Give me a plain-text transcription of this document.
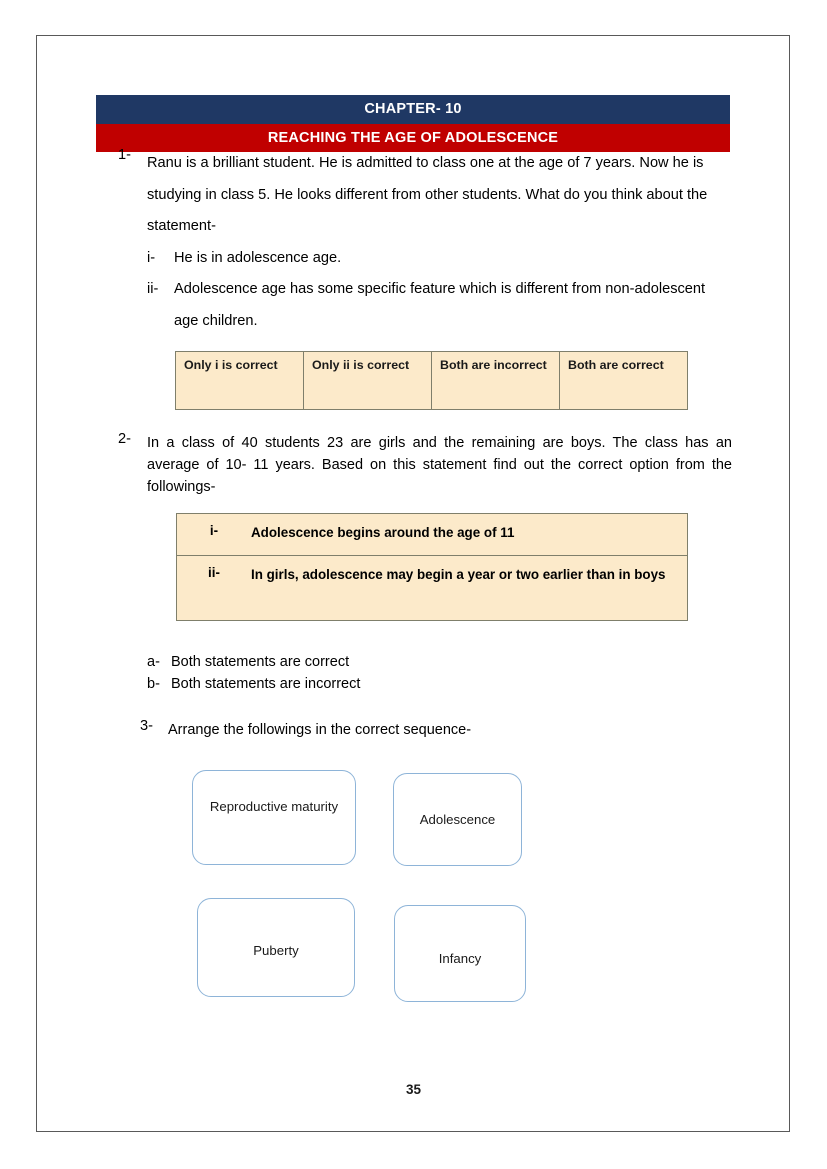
CHAPTER- 10
REACHING THE AGE OF ADOLESCENCE
1-	Ranu is a brilliant student. He is admitted to class one at the age of 7 years. Now he is studying in class 5. He looks different from other students. What do you think about the statement-
i-	He is in adolescence age.
ii-	Adolescence age has some specific feature which is different from non-adolescent age children.
Only i is correct	Only ii is correct	Both are incorrect	Both are correct
2-	In a class of 40 students 23 are girls and the remaining are boys. The class has an average of 10- 11 years. Based on this statement find out the correct option from the followings-
i-	Adolescence begins around the age of 11
ii-	In girls, adolescence may begin a year or two earlier than in boys
a- Both statements are correct
b- Both statements are incorrect
3-	Arrange the followings in the correct sequence-
Reproductive maturity
Adolescence
Puberty
Infancy
35
